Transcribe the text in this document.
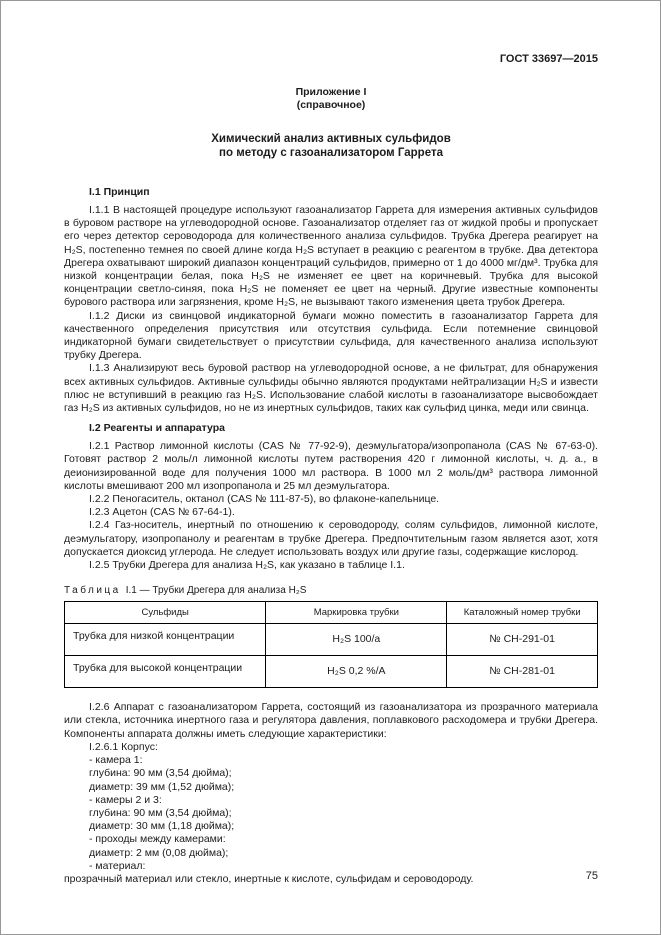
ГОСТ 33697—2015
Приложение I
(справочное)
Химический анализ активных сульфидов
по методу с газоанализатором Гаррета
I.1 Принцип

I.1.1 В настоящей процедуре используют газоанализатор Гаррета для измерения активных сульфидов в буровом растворе на углеводородной основе. Газоанализатор отделяет газ от жидкой пробы и пропускает его через детектор сероводорода для количественного анализа сульфидов. Трубка Дрегера реагирует на H₂S, постепенно темнея по своей длине когда H₂S вступает в реакцию с реагентом в трубке. Два детектора Дрегера охватывают широкий диапазон концентраций сульфидов, примерно от 1 до 4000 мг/дм³. Трубка для низкой концентрации белая, пока H₂S не изменяет ее цвет на коричневый. Трубка для высокой концентрации светло-синяя, пока H₂S не поменяет ее цвет на черный. Другие известные компоненты бурового раствора или загрязнения, кроме H₂S, не вызывают такого изменения цвета трубок Дрегера.

I.1.2 Диски из свинцовой индикаторной бумаги можно поместить в газоанализатор Гаррета для качественного определения присутствия или отсутствия сульфида. Если потемнение свинцовой индикаторной бумаги свидетельствует о присутствии сульфида, для качественного анализа используют трубку Дрегера.

I.1.3 Анализируют весь буровой раствор на углеводородной основе, а не фильтрат, для обнаружения всех активных сульфидов. Активные сульфиды обычно являются продуктами нейтрализации H₂S и извести плюс не вступивший в реакцию газ H₂S. Использование слабой кислоты в газоанализаторе высвобождает газ H₂S из активных сульфидов, но не из инертных сульфидов, таких как сульфид цинка, меди или свинца.

I.2 Реагенты и аппаратура

I.2.1 Раствор лимонной кислоты (CAS № 77-92-9), деэмульгатора/изопропанола (CAS № 67-63-0). Готовят раствор 2 моль/л лимонной кислоты путем растворения 420 г лимонной кислоты, ч. д. а., в деионизированной воде для получения 1000 мл раствора. В 1000 мл 2 моль/дм³ раствора лимонной кислоты вмешивают 200 мл изопропанола и 25 мл деэмульгатора.

I.2.2 Пеногаситель, октанол (CAS № 111-87-5), во флаконе-капельнице.

I.2.3 Ацетон (CAS № 67-64-1).

I.2.4 Газ-носитель, инертный по отношению к сероводороду, солям сульфидов, лимонной кислоте, деэмульгатору, изопропанолу и реагентам в трубке Дрегера. Предпочтительным газом является азот, хотя допускается диоксид углерода. Не следует использовать воздух или другие газы, содержащие кислород.

I.2.5 Трубки Дрегера для анализа H₂S, как указано в таблице I.1.

Таблица I.1 — Трубки Дрегера для анализа H₂S
Сульфиды	Маркировка трубки	Каталожный номер трубки
Трубка для низкой концентрации	H₂S 100/a	№ CH-291-01
Трубка для высокой концентрации	H₂S 0,2 %/A	№ CH-281-01

I.2.6 Аппарат с газоанализатором Гаррета, состоящий из газоанализатора из прозрачного материала или стекла, источника инертного газа и регулятора давления, поплавкового расходомера и трубки Дрегера. Компоненты аппарата должны иметь следующие характеристики:

I.2.6.1 Корпус:
- камера 1:
глубина: 90 мм (3,54 дюйма);
диаметр: 39 мм (1,52 дюйма);
- камеры 2 и 3:
глубина: 90 мм (3,54 дюйма);
диаметр: 30 мм (1,18 дюйма);
- проходы между камерами:
диаметр: 2 мм (0,08 дюйма);
- материал:
прозрачный материал или стекло, инертные к кислоте, сульфидам и сероводороду.	75
